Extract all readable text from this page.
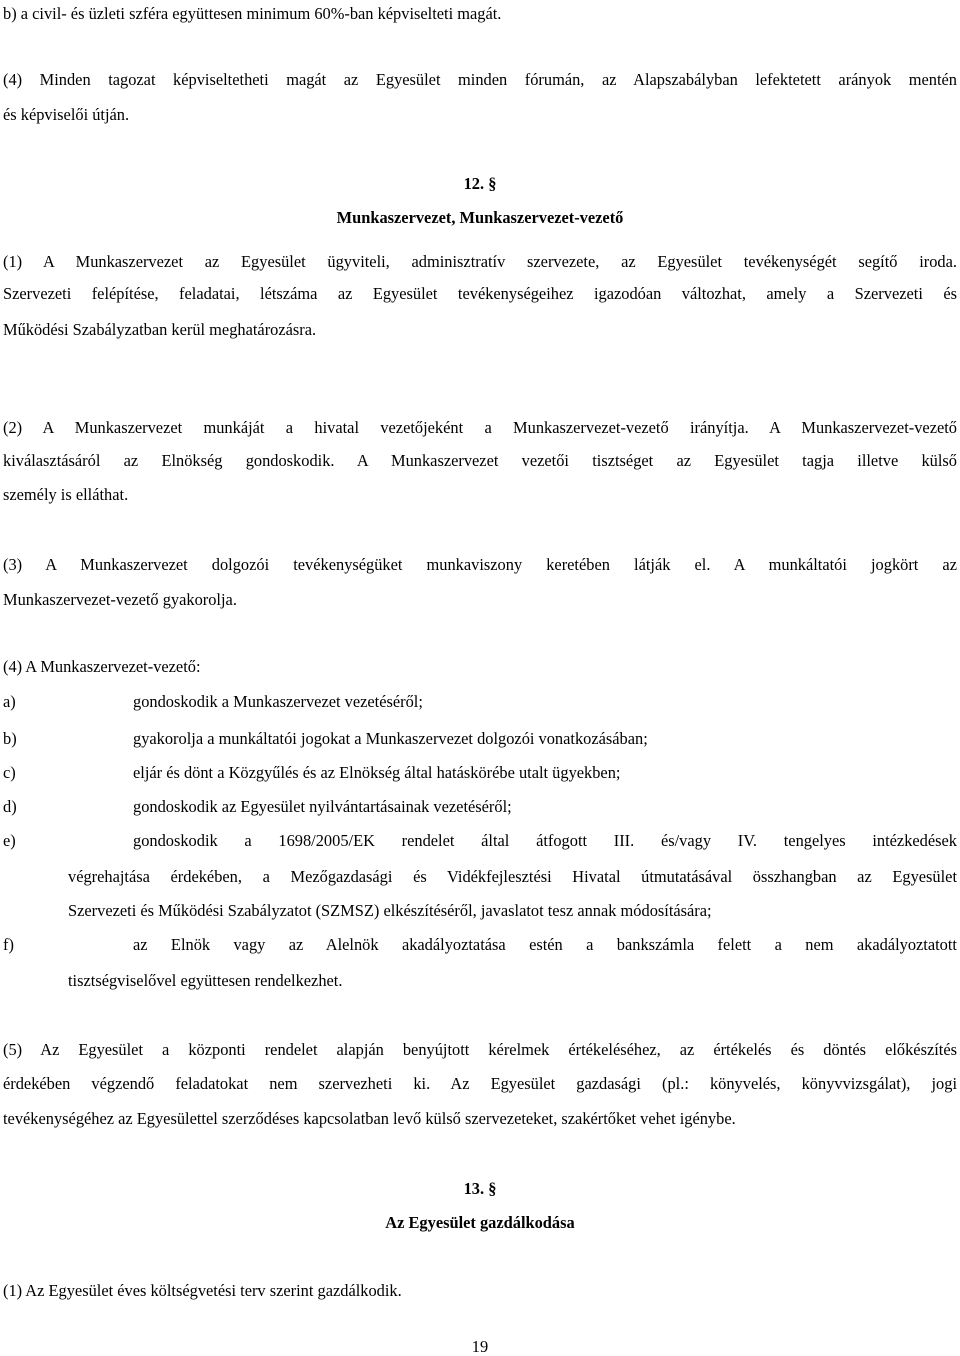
b) a civil- és üzleti szféra együttesen minimum 60%-ban képviselteti magát.
(4) Minden tagozat képviseltetheti magát az Egyesület minden fórumán, az Alapszabályban lefektetett arányok mentén
és képviselői útján.
12. §
Munkaszervezet, Munkaszervezet-vezető
(1) A Munkaszervezet az Egyesület ügyviteli, adminisztratív szervezete, az Egyesület tevékenységét segítő iroda.
Szervezeti felépítése, feladatai, létszáma az Egyesület tevékenységeihez igazodóan változhat, amely a Szervezeti és
Működési Szabályzatban kerül meghatározásra.
(2) A Munkaszervezet munkáját a hivatal vezetőjeként a Munkaszervezet-vezető irányítja. A Munkaszervezet-vezető
kiválasztásáról az Elnökség gondoskodik. A Munkaszervezet vezetői tisztséget az Egyesület tagja illetve külső
személy is elláthat.
(3) A Munkaszervezet dolgozói tevékenységüket munkaviszony keretében látják el. A munkáltatói jogkört az
Munkaszervezet-vezető gyakorolja.
(4) A Munkaszervezet-vezető:
a)	gondoskodik a Munkaszervezet vezetéséről;
b)	gyakorolja a munkáltatói jogokat a Munkaszervezet dolgozói vonatkozásában;
c)	eljár és dönt a Közgyűlés és az Elnökség által hatáskörébe utalt ügyekben;
d)	gondoskodik az Egyesület nyilvántartásainak vezetéséről;
e)	gondoskodik a 1698/2005/EK rendelet által átfogott III. és/vagy IV. tengelyes intézkedések
végrehajtása érdekében, a Mezőgazdasági és Vidékfejlesztési Hivatal útmutatásával összhangban az Egyesület
Szervezeti és Működési Szabályzatot (SZMSZ) elkészítéséről, javaslatot tesz annak módosítására;
f)	az Elnök vagy az Alelnök akadályoztatása estén a bankszámla felett a nem akadályoztatott
tisztségviselővel együttesen rendelkezhet.
(5) Az Egyesület a központi rendelet alapján benyújtott kérelmek értékeléséhez, az értékelés és döntés előkészítés
érdekében végzendő feladatokat nem szervezheti ki. Az Egyesület gazdasági (pl.: könyvelés, könyvvizsgálat), jogi
tevékenységéhez az Egyesülettel szerződéses kapcsolatban levő külső szervezeteket, szakértőket vehet igénybe.
13. §
Az Egyesület gazdálkodása
(1) Az Egyesület éves költségvetési terv szerint gazdálkodik.
19
